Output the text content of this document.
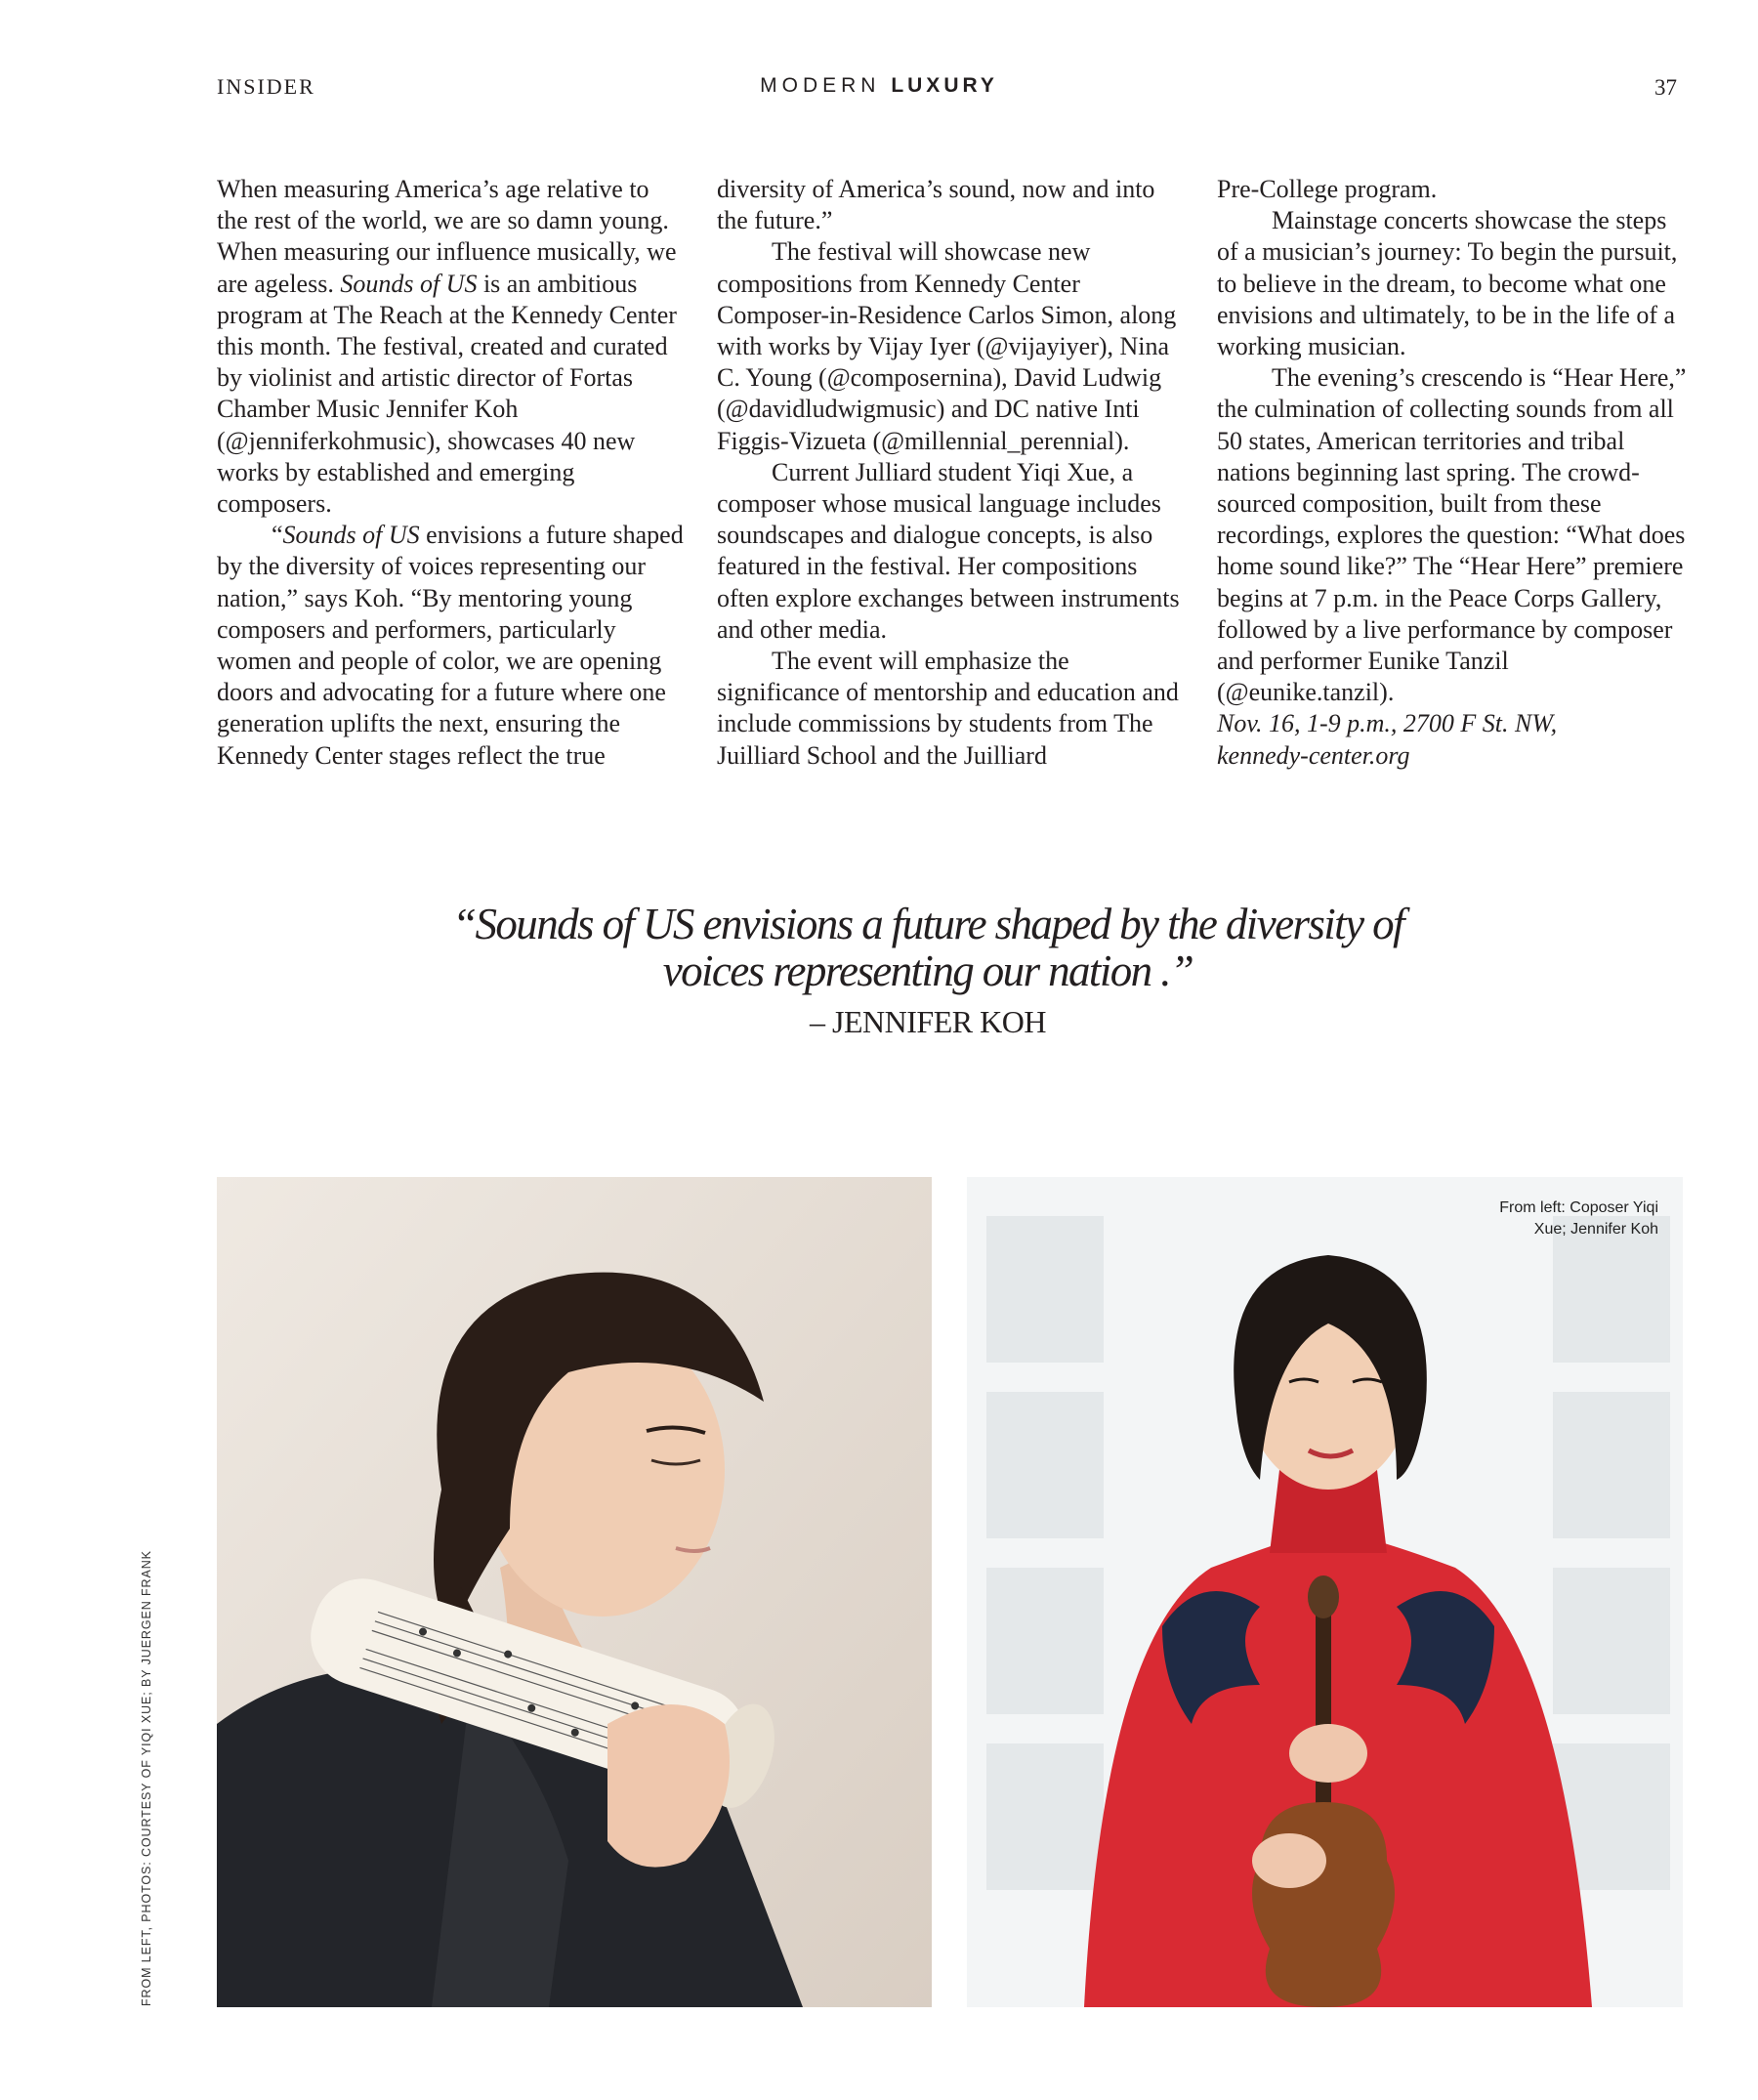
INSIDER	MODERN LUXURY	37

When measuring America’s age relative to the rest of the world, we are so damn young. When measuring our influence musically, we are ageless. Sounds of US is an ambitious program at The Reach at the Kennedy Center this month. The festival, created and curated by violinist and artistic director of Fortas Chamber Music Jennifer Koh (@jenniferkohmusic), showcases 40 new works by established and emerging composers.

“Sounds of US envisions a future shaped by the diversity of voices representing our nation,” says Koh. “By mentoring young composers and performers, particularly women and people of color, we are opening doors and advocating for a future where one generation uplifts the next, ensuring the Kennedy Center stages reflect the true

diversity of America’s sound, now and into the future.”

The festival will showcase new compositions from Kennedy Center Composer-in-Residence Carlos Simon, along with works by Vijay Iyer (@vijayiyer), Nina C. Young (@composernina), David Ludwig (@davidludwigmusic) and DC native Inti Figgis-Vizueta (@millennial_perennial).

Current Julliard student Yiqi Xue, a composer whose musical language includes soundscapes and dialogue concepts, is also featured in the festival. Her compositions often explore exchanges between instruments and other media.

The event will emphasize the significance of mentorship and education and include commissions by students from The Juilliard School and the Juilliard

Pre-College program.

Mainstage concerts showcase the steps of a musician’s journey: To begin the pursuit, to believe in the dream, to become what one envisions and ultimately, to be in the life of a working musician.

The evening’s crescendo is “Hear Here,” the culmination of collecting sounds from all 50 states, American territories and tribal nations beginning last spring. The crowd-sourced composition, built from these recordings, explores the question: “What does home sound like?” The “Hear Here” premiere begins at 7 p.m. in the Peace Corps Gallery, followed by a live performance by composer and performer Eunike Tanzil (@eunike.tanzil).

Nov. 16, 1-9 p.m., 2700 F St. NW,
kennedy-center.org

“Sounds of US envisions a future shaped by the diversity of
voices representing our nation .”
– JENNIFER KOH
FROM LEFT, PHOTOS: COURTESY OF YIQI XUE; BY JUERGEN FRANK
From left: Coposer Yiqi
Xue; Jennifer Koh
